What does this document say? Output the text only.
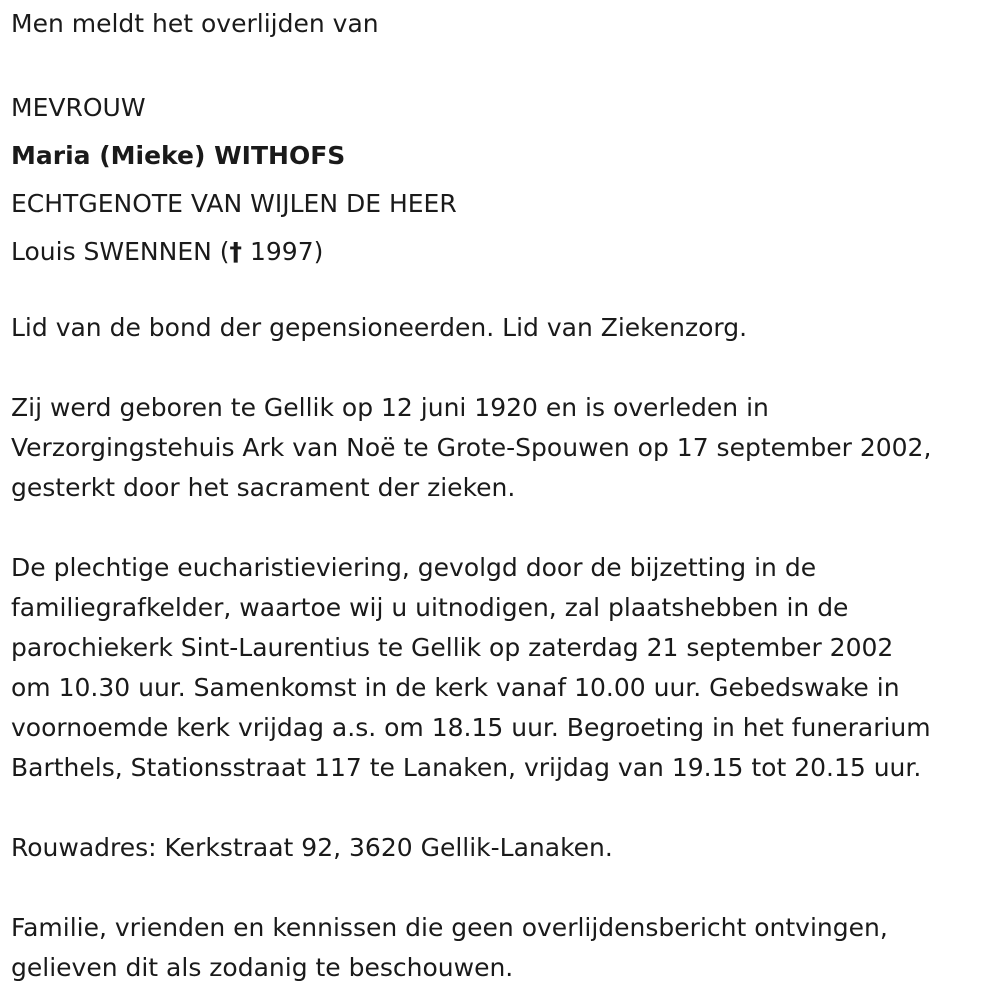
Men meldt het overlijden van
MEVROUW
Maria (Mieke) WITHOFS
ECHTGENOTE VAN WIJLEN DE HEER
Louis SWENNEN († 1997)
Lid van de bond der gepensioneerden. Lid van Ziekenzorg.
Zij werd geboren te Gellik op 12 juni 1920 en is overleden in
Verzorgingstehuis Ark van Noë te Grote-Spouwen op 17 september 2002,
gesterkt door het sacrament der zieken.
De plechtige eucharistieviering, gevolgd door de bijzetting in de
familiegrafkelder, waartoe wij u uitnodigen, zal plaatshebben in de
parochiekerk Sint-Laurentius te Gellik op zaterdag 21 september 2002
om 10.30 uur. Samenkomst in de kerk vanaf 10.00 uur. Gebedswake in
voornoemde kerk vrijdag a.s. om 18.15 uur. Begroeting in het funerarium
Barthels, Stationsstraat 117 te Lanaken, vrijdag van 19.15 tot 20.15 uur.
Rouwadres: Kerkstraat 92, 3620 Gellik-Lanaken.
Familie, vrienden en kennissen die geen overlijdensbericht ontvingen,
gelieven dit als zodanig te beschouwen.
